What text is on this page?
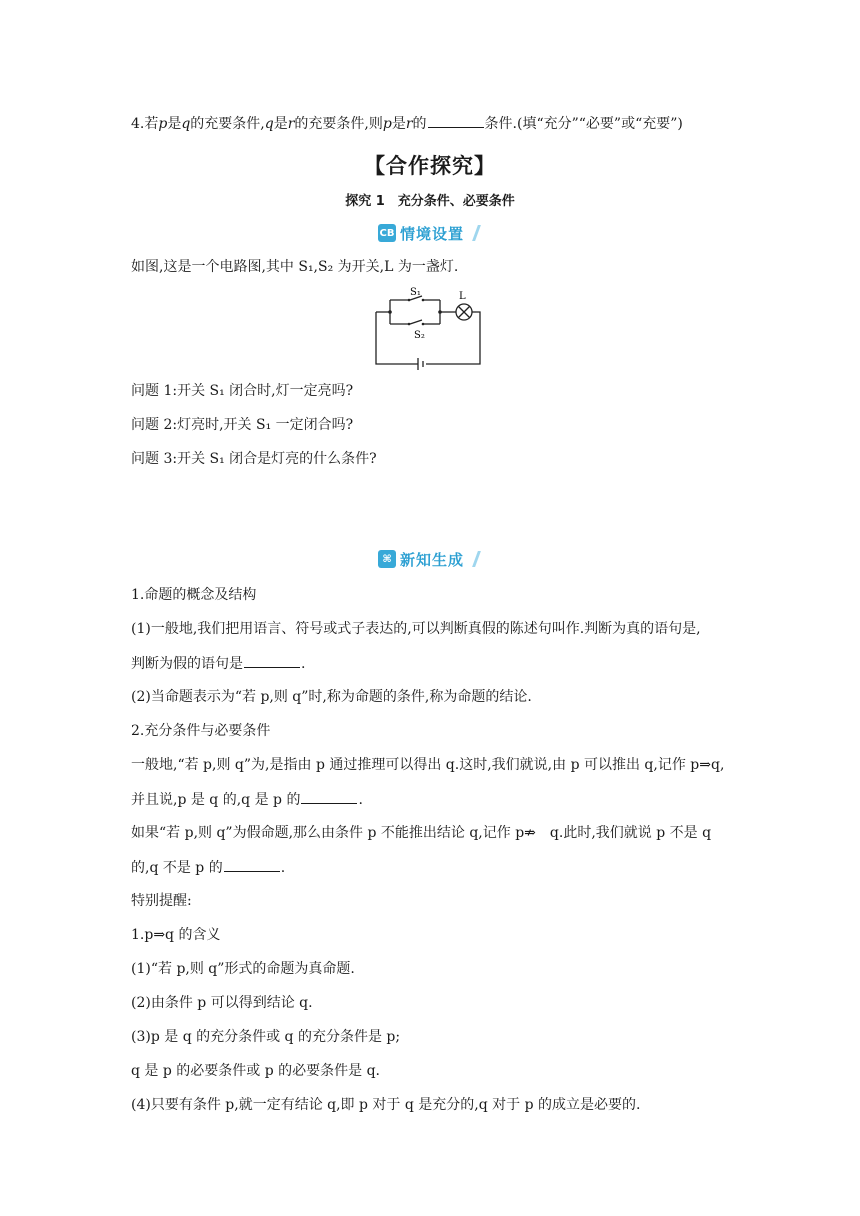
4.若p是q的充要条件,q是r的充要条件,则p是r的	条件.(填“充分”“必要”或“充要”)
【合作探究】
探究 1　充分条件、必要条件
CB 情境设置
如图,这是一个电路图,其中 S₁,S₂ 为开关,L 为一盏灯.
S₁
S₂
L
问题 1:开关 S₁ 闭合时,灯一定亮吗?
问题 2:灯亮时,开关 S₁ 一定闭合吗?
问题 3:开关 S₁ 闭合是灯亮的什么条件?
⌘ 新知生成
1.命题的概念及结构
(1)一般地,我们把用语言、符号或式子表达的,可以判断真假的陈述句叫作.判断为真的语句是,
判断为假的语句是	.
(2)当命题表示为“若 p,则 q”时,称为命题的条件,称为命题的结论.
2.充分条件与必要条件
一般地,“若 p,则 q”为,是指由 p 通过推理可以得出 q.这时,我们就说,由 p 可以推出 q,记作 p⇒q,
并且说,p 是 q 的,q 是 p 的	.
如果“若 p,则 q”为假命题,那么由条件 p 不能推出结论 q,记作 p⇏　q.此时,我们就说 p 不是 q
的,q 不是 p 的	.
特别提醒:
1.p⇒q 的含义
(1)“若 p,则 q”形式的命题为真命题.
(2)由条件 p 可以得到结论 q.
(3)p 是 q 的充分条件或 q 的充分条件是 p;
q 是 p 的必要条件或 p 的必要条件是 q.
(4)只要有条件 p,就一定有结论 q,即 p 对于 q 是充分的,q 对于 p 的成立是必要的.
